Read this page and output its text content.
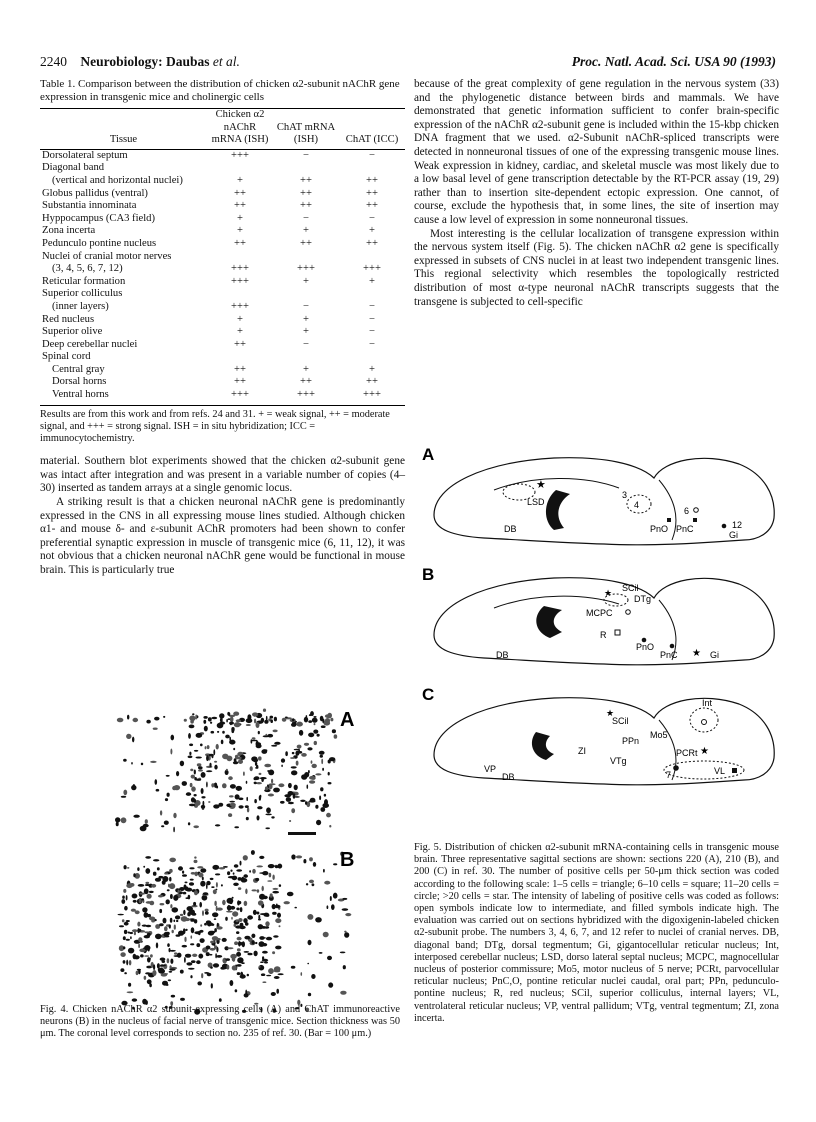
2240 Neurobiology: Daubas et al.	Proc. Natl. Acad. Sci. USA 90 (1993)
Table 1. Comparison between the distribution of chicken α2-subunit nAChR gene expression in transgenic mice and cholinergic cells
Tissue	Chicken α2 nAChR mRNA (ISH)	ChAT mRNA (ISH)	ChAT (ICC)
Dorsolateral septum	+++	−	−
Diagonal band			
(vertical and horizontal nuclei)	+	++	++
Globus pallidus (ventral)	++	++	++
Substantia innominata	++	++	++
Hyppocampus (CA3 field)	+	−	−
Zona incerta	+	+	+
Pedunculo pontine nucleus	++	++	++
Nuclei of cranial motor nerves			
(3, 4, 5, 6, 7, 12)	+++	+++	+++
Reticular formation	+++	+	+
Superior colliculus			
(inner layers)	+++	−	−
Red nucleus	+	+	−
Superior olive	+	+	−
Deep cerebellar nuclei	++	−	−
Spinal cord			
Central gray	++	+	+
Dorsal horns	++	++	++
Ventral horns	+++	+++	+++
Results are from this work and from refs. 24 and 31. + = weak signal, ++ = moderate signal, and +++ = strong signal. ISH = in situ hybridization; ICC = immunocytochemistry.

material. Southern blot experiments showed that the chicken α2-subunit gene was intact after integration and was present in a variable number of copies (4–30) inserted as tandem arrays at a single genomic locus.

A striking result is that a chicken neuronal nAChR gene is predominantly expressed in the CNS in all expressing mouse lines studied. Although chicken α1- and mouse δ- and ε-subunit AChR promoters had been shown to confer preferential synaptic expression in muscle of transgenic mice (6, 11, 12), it was not obvious that a chicken neuronal nAChR gene would be functional in mouse brain. This is particularly true

A
B
Fig. 4. Chicken nAChR α2 subunit-expressing cells (A) and ChAT immunoreactive neurons (B) in the nucleus of facial nerve of transgenic mice. Section thickness was 50 μm. The coronal level corresponds to section no. 235 of ref. 30. (Bar = 100 μm.)

because of the great complexity of gene regulation in the nervous system (33) and the phylogenetic distance between birds and mammals. We have demonstrated that genetic information sufficient to confer brain-specific expression of the nAChR α2-subunit gene is included within the 15-kbp chicken DNA fragment that we used. α2-Subunit nAChR-spliced transcripts were detected in nonneuronal tissues of one of the expressing transgenic mouse lines. Weak expression in kidney, cardiac, and skeletal muscle was most likely due to a low basal level of gene transcription detectable by the RT-PCR assay (19, 29) rather than to insertion site-dependent ectopic expression. One cannot, of course, exclude the hypothesis that, in some lines, the site of insertion may cause a low level of expression in some nonneuronal tissues.

Most interesting is the cellular localization of transgene expression within the nervous system itself (Fig. 5). The chicken nAChR α2 gene is specifically expressed in subsets of CNS nuclei in at least two independent transgenic lines. This regional selectivity which resembles the topologically restricted distribution of most α-type neuronal nAChR transcripts suggests that the transgene is subjected to cell-specific

A
★
LSD
3
4
6
12
DB	PnO PnC
Gi
B
★ SCil
DTg
MCPC
R
DB
PnO
PnC	Gi
★
C	Int
SCil
★
Mo5
PPn
ZI
VTg
PCRt ★
VP
DB	7	VL
Fig. 5. Distribution of chicken α2-subunit mRNA-containing cells in transgenic mouse brain. Three representative sagittal sections are shown: sections 220 (A), 210 (B), and 200 (C) in ref. 30. The number of positive cells per 50-μm thick section was coded according to the following scale: 1–5 cells = triangle; 6–10 cells = square; 11–20 cells = circle; >20 cells = star. The intensity of labeling of positive cells was coded as follows: open symbols indicate low to intermediate, and filled symbols indicate high. The evaluation was carried out on sections hybridized with the digoxigenin-labeled chicken α2-subunit probe. The numbers 3, 4, 6, 7, and 12 refer to nuclei of cranial nerves. DB, diagonal band; DTg, dorsal tegmentum; Gi, gigantocellular reticular nucleus; Int, interposed cerebellar nucleus; LSD, dorso lateral septal nucleus; MCPC, magnocellular nucleus of posterior commissure; Mo5, motor nucleus of 5 nerve; PCRt, parvocellular reticular nucleus; PnC,O, pontine reticular nuclei caudal, oral part; PPn, pedunculo-pontine nucleus; R, red nucleus; SCil, superior colliculus, internal layers; VL, ventrolateral reticular nucleus; VP, ventral pallidum; VTg, ventral tegmentum; ZI, zona incerta.
